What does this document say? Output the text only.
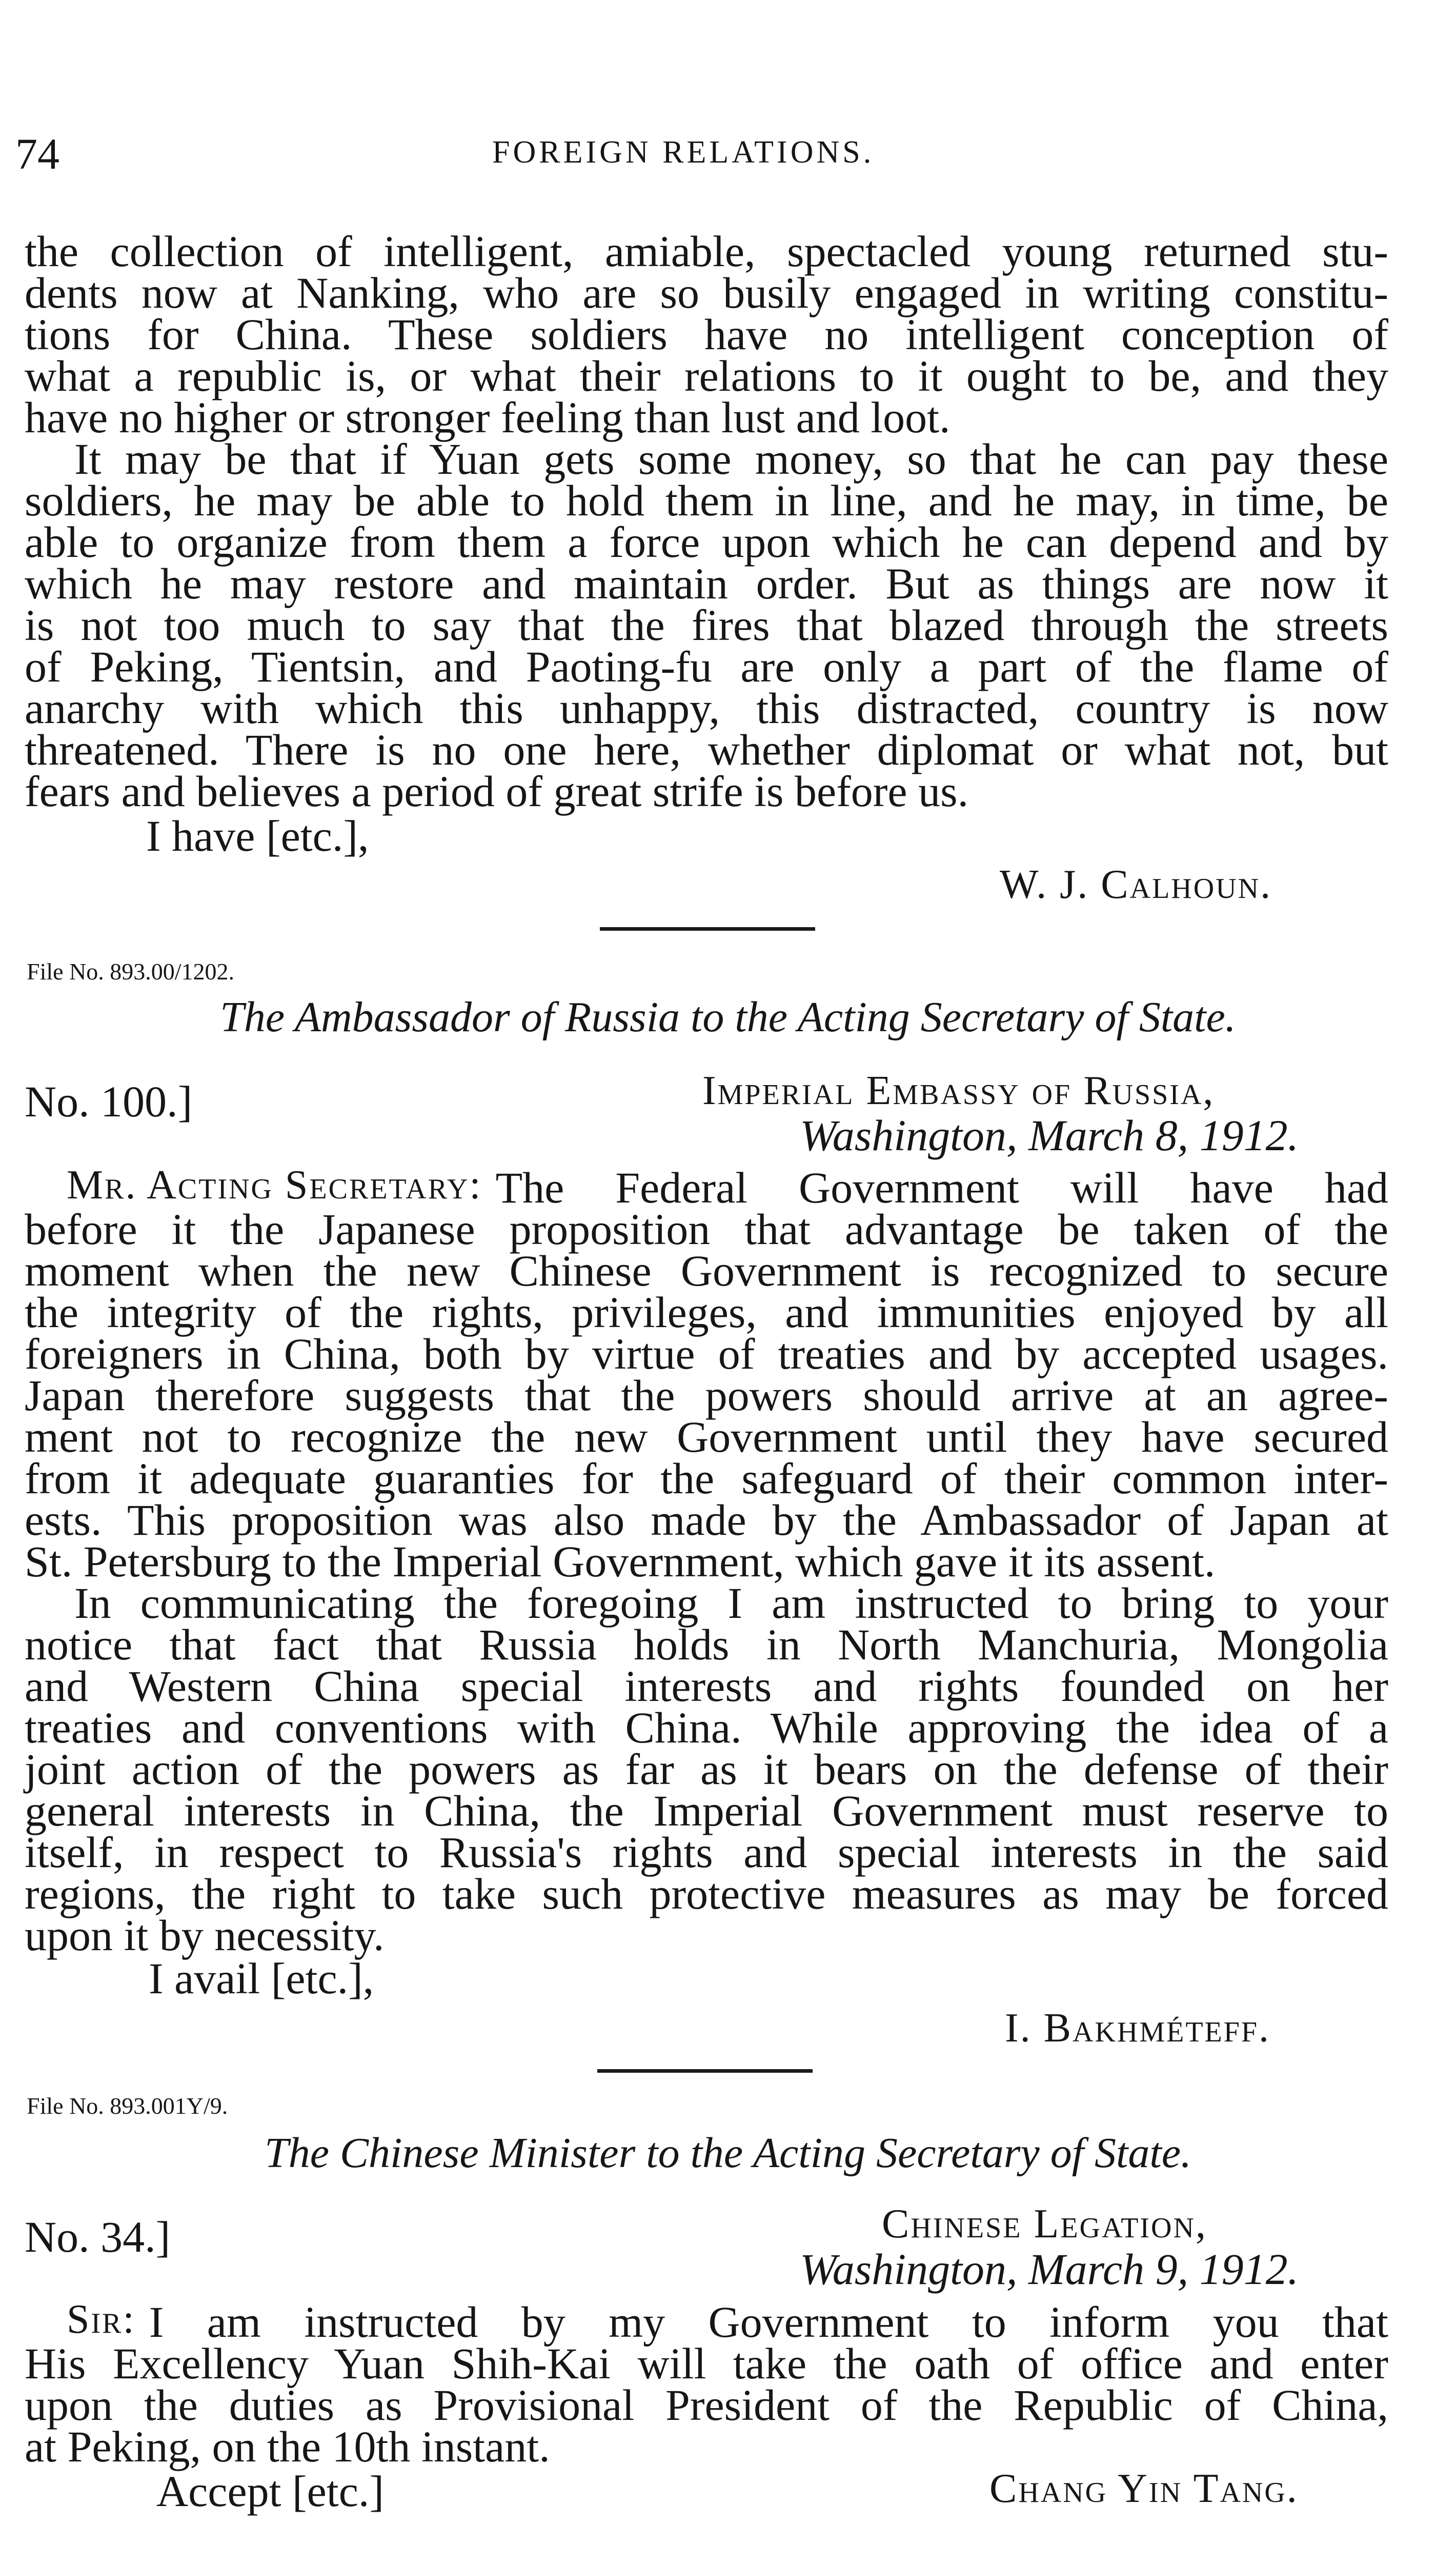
74	FOREIGN RELATIONS.
the collection of intelligent, amiable, spectacled young returned stu-
dents now at Nanking, who are so busily engaged in writing constitu-
tions for China. These soldiers have no intelligent conception of
what a republic is, or what their relations to it ought to be, and they
have no higher or stronger feeling than lust and loot.
It may be that if Yuan gets some money, so that he can pay these
soldiers, he may be able to hold them in line, and he may, in time, be
able to organize from them a force upon which he can depend and by
which he may restore and maintain order. But as things are now it
is not too much to say that the fires that blazed through the streets
of Peking, Tientsin, and Paoting-fu are only a part of the flame of
anarchy with which this unhappy, this distracted, country is now
threatened. There is no one here, whether diplomat or what not, but
fears and believes a period of great strife is before us.
I have [etc.],
W. J. Calhoun.
File No. 893.00/1202.
The Ambassador of Russia to the Acting Secretary of State.
No. 100.]	Imperial Embassy of Russia,
Washington, March 8, 1912.
Mr. Acting Secretary: The Federal Government will have had
before it the Japanese proposition that advantage be taken of the
moment when the new Chinese Government is recognized to secure
the integrity of the rights, privileges, and immunities enjoyed by all
foreigners in China, both by virtue of treaties and by accepted usages.
Japan therefore suggests that the powers should arrive at an agree-
ment not to recognize the new Government until they have secured
from it adequate guaranties for the safeguard of their common inter-
ests. This proposition was also made by the Ambassador of Japan at
St. Petersburg to the Imperial Government, which gave it its assent.
In communicating the foregoing I am instructed to bring to your
notice that fact that Russia holds in North Manchuria, Mongolia
and Western China special interests and rights founded on her
treaties and conventions with China. While approving the idea of a
joint action of the powers as far as it bears on the defense of their
general interests in China, the Imperial Government must reserve to
itself, in respect to Russia's rights and special interests in the said
regions, the right to take such protective measures as may be forced
upon it by necessity.
I avail [etc.],
I. Bakhméteff.
File No. 893.001Y/9.
The Chinese Minister to the Acting Secretary of State.
No. 34.]	Chinese Legation,
Washington, March 9, 1912.
Sir: I am instructed by my Government to inform you that
His Excellency Yuan Shih-Kai will take the oath of office and enter
upon the duties as Provisional President of the Republic of China,
at Peking, on the 10th instant.
Accept [etc.]	Chang Yin Tang.
